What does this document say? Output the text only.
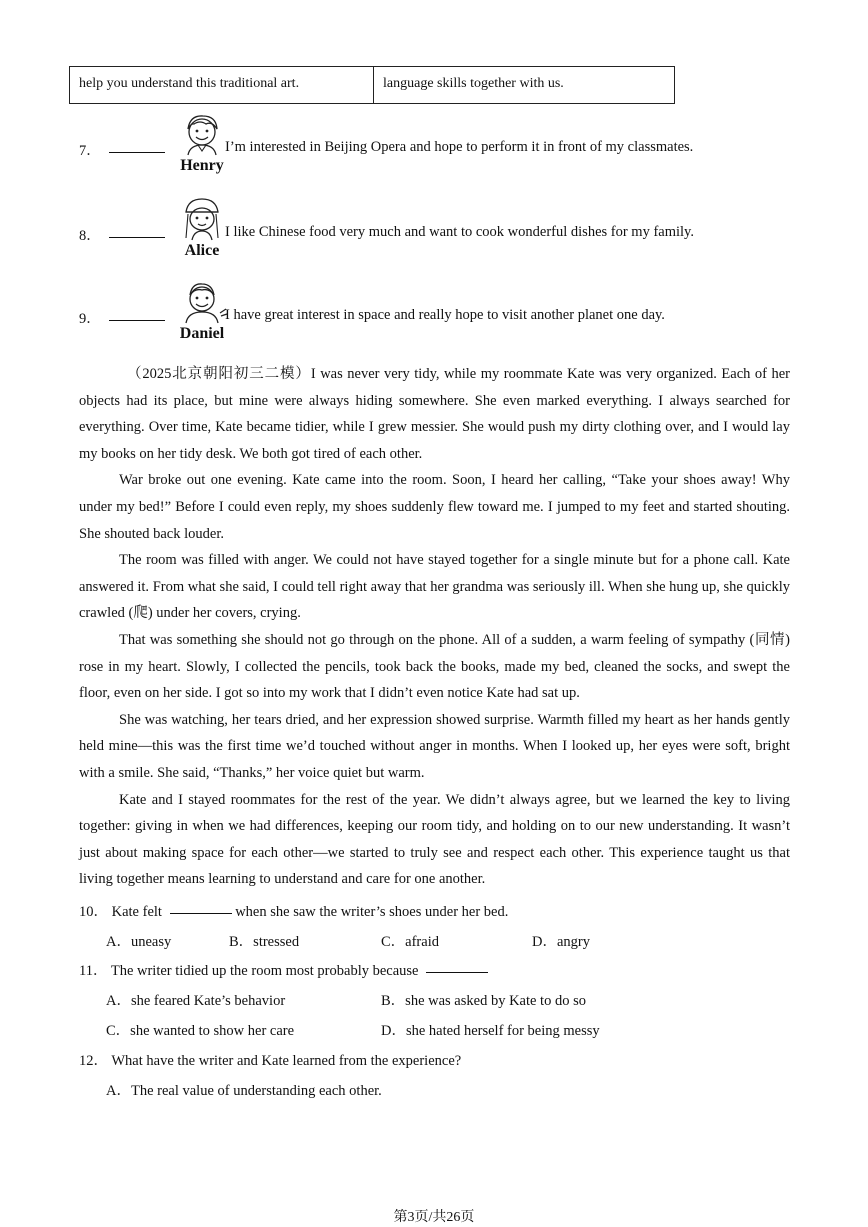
help you understand this traditional art.	language skills together with us.
7．
Henry
I’m interested in Beijing Opera and hope to perform it in front of my classmates.
8．
Alice
I like Chinese food very much and want to cook wonderful dishes for my family.
9．
Daniel
I have great interest in space and really hope to visit another planet one day.

（2025北京朝阳初三二模）I was never very tidy, while my roommate Kate was very organized. Each of her objects had its place, but mine were always hiding somewhere. She even marked everything. I always searched for everything. Over time, Kate became tidier, while I grew messier. She would push my dirty clothing over, and I would lay my books on her tidy desk. We both got tired of each other.

War broke out one evening. Kate came into the room. Soon, I heard her calling, “Take your shoes away! Why under my bed!” Before I could even reply, my shoes suddenly flew toward me. I jumped to my feet and started shouting. She shouted back louder.

The room was filled with anger. We could not have stayed together for a single minute but for a phone call. Kate answered it. From what she said, I could tell right away that her grandma was seriously ill. When she hung up, she quickly crawled (爬) under her covers, crying.

That was something she should not go through on the phone. All of a sudden, a warm feeling of sympathy (同情) rose in my heart. Slowly, I collected the pencils, took back the books, made my bed, cleaned the socks, and swept the floor, even on her side. I got so into my work that I didn’t even notice Kate had sat up.

She was watching, her tears dried, and her expression showed surprise. Warmth filled my heart as her hands gently held mine—this was the first time we’d touched without anger in months. When I looked up, her eyes were soft, bright with a smile. She said, “Thanks,” her voice quiet but warm.

Kate and I stayed roommates for the rest of the year. We didn’t always agree, but we learned the key to living together: giving in when we had differences, keeping our room tidy, and holding on to our new understanding. It wasn’t just about making space for each other—we started to truly see and respect each other. This experience taught us that living together means learning to understand and care for one another.

10． Kate felt	when she saw the writer’s shoes under her bed.
A．uneasy	B．stressed	C．afraid	D．angry
11． The writer tidied up the room most probably because
A．she feared Kate’s behavior	B．she was asked by Kate to do so
C．she wanted to show her care	D．she hated herself for being messy
12． What have the writer and Kate learned from the experience?
A．The real value of understanding each other.
第3页/共26页
